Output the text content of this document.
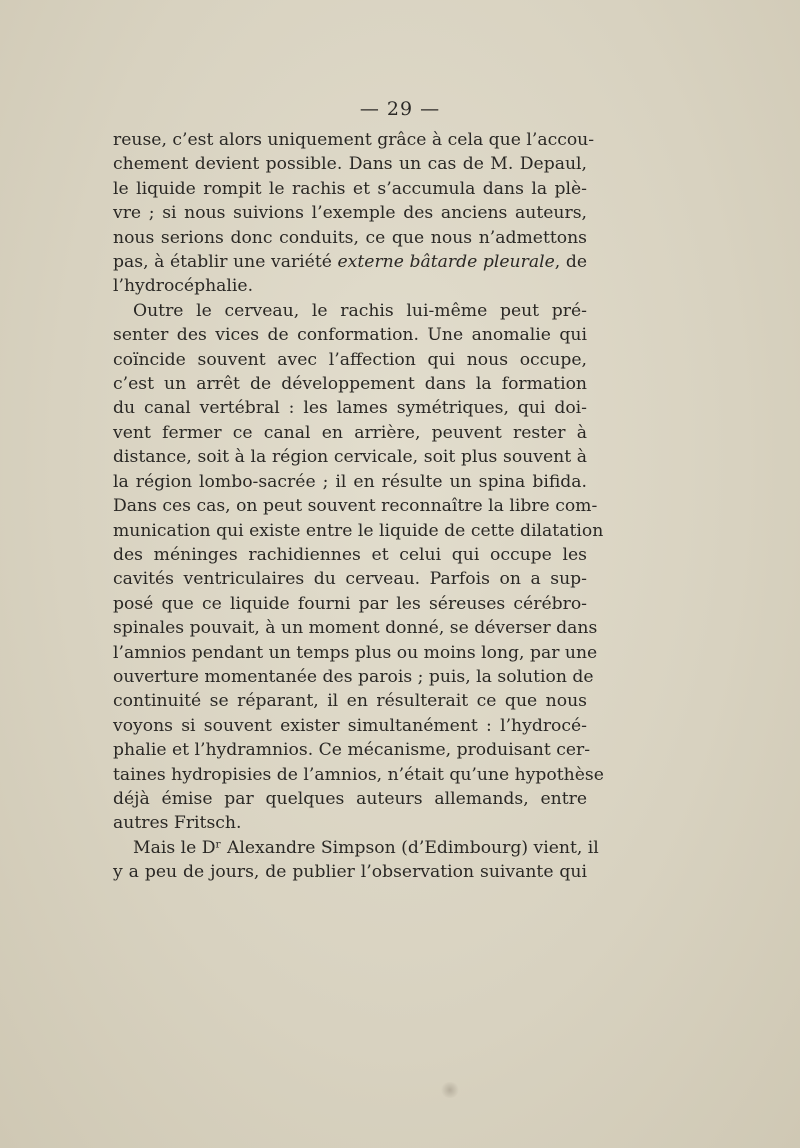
— 29 —
reuse, c’est alors uniquement grâce à cela que l’accou-
chement devient possible. Dans un cas de M. Depaul,
le liquide rompit le rachis et s’accumula dans la plè-
vre ; si nous suivions l’exemple des anciens auteurs,
nous serions donc conduits, ce que nous n’admettons
pas, à établir une variété externe bâtarde pleurale, de
l’hydrocéphalie.
Outre le cerveau, le rachis lui-même peut pré-
senter des vices de conformation. Une anomalie qui
coïncide souvent avec l’affection qui nous occupe,
c’est un arrêt de développement dans la formation
du canal vertébral : les lames symétriques, qui doi-
vent fermer ce canal en arrière, peuvent rester à
distance, soit à la région cervicale, soit plus souvent à
la région lombo-sacrée ; il en résulte un spina bifida.
Dans ces cas, on peut souvent reconnaître la libre com-
munication qui existe entre le liquide de cette dilatation
des méninges rachidiennes et celui qui occupe les
cavités ventriculaires du cerveau. Parfois on a sup-
posé que ce liquide fourni par les séreuses cérébro-
spinales pouvait, à un moment donné, se déverser dans
l’amnios pendant un temps plus ou moins long, par une
ouverture momentanée des parois ; puis, la solution de
continuité se réparant, il en résulterait ce que nous
voyons si souvent exister simultanément : l’hydrocé-
phalie et l’hydramnios. Ce mécanisme, produisant cer-
taines hydropisies de l’amnios, n’était qu’une hypothèse
déjà émise par quelques auteurs allemands, entre
autres Fritsch.
Mais le Dʳ Alexandre Simpson (d’Edimbourg) vient, il
y a peu de jours, de publier l’observation suivante qui
